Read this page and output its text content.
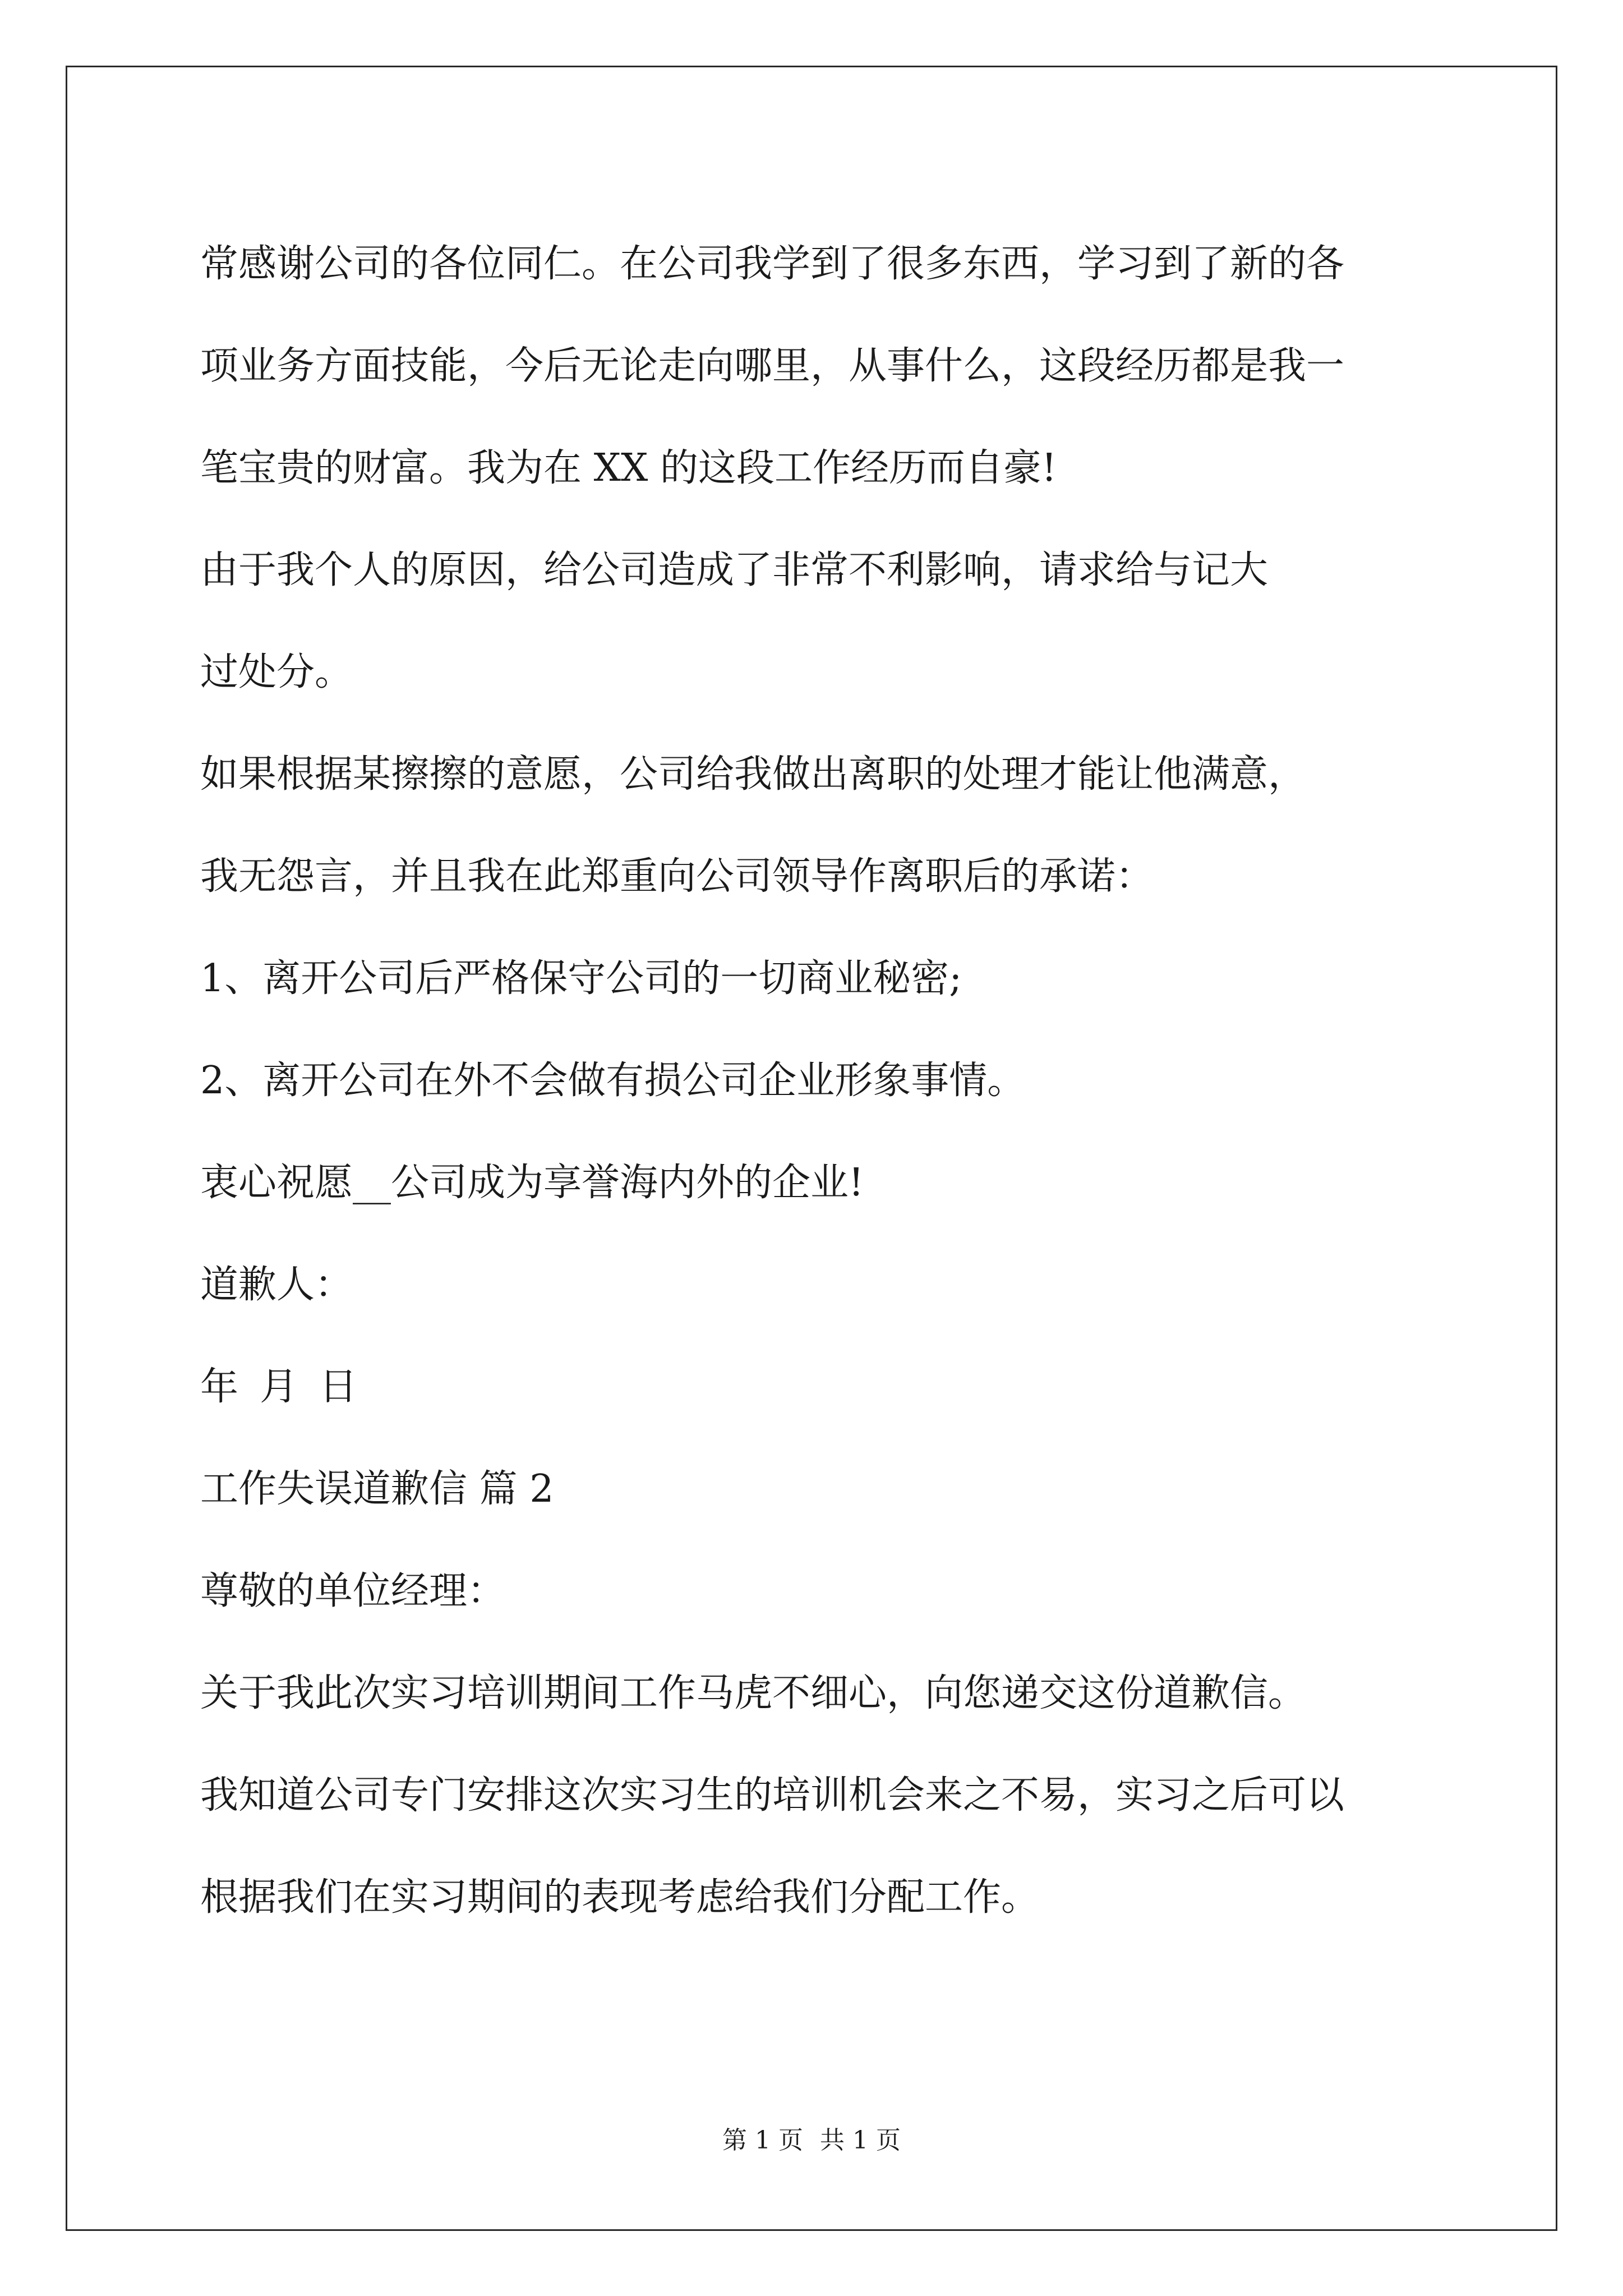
常感谢公司的各位同仁。在公司我学到了很多东西，学习到了新的各

项业务方面技能，今后无论走向哪里，从事什么，这段经历都是我一

笔宝贵的财富。我为在 XX 的这段工作经历而自豪!

由于我个人的原因，给公司造成了非常不利影响，请求给与记大

过处分。

如果根据某擦擦的意愿，公司给我做出离职的处理才能让他满意，

我无怨言，并且我在此郑重向公司领导作离职后的承诺：

1、离开公司后严格保守公司的一切商业秘密;

2、离开公司在外不会做有损公司企业形象事情。

衷心祝愿__公司成为享誉海内外的企业!

道歉人：

年 月 日

工作失误道歉信 篇 2

尊敬的单位经理：

关于我此次实习培训期间工作马虎不细心，向您递交这份道歉信。

我知道公司专门安排这次实习生的培训机会来之不易，实习之后可以

根据我们在实习期间的表现考虑给我们分配工作。

第 1 页 共 1 页
